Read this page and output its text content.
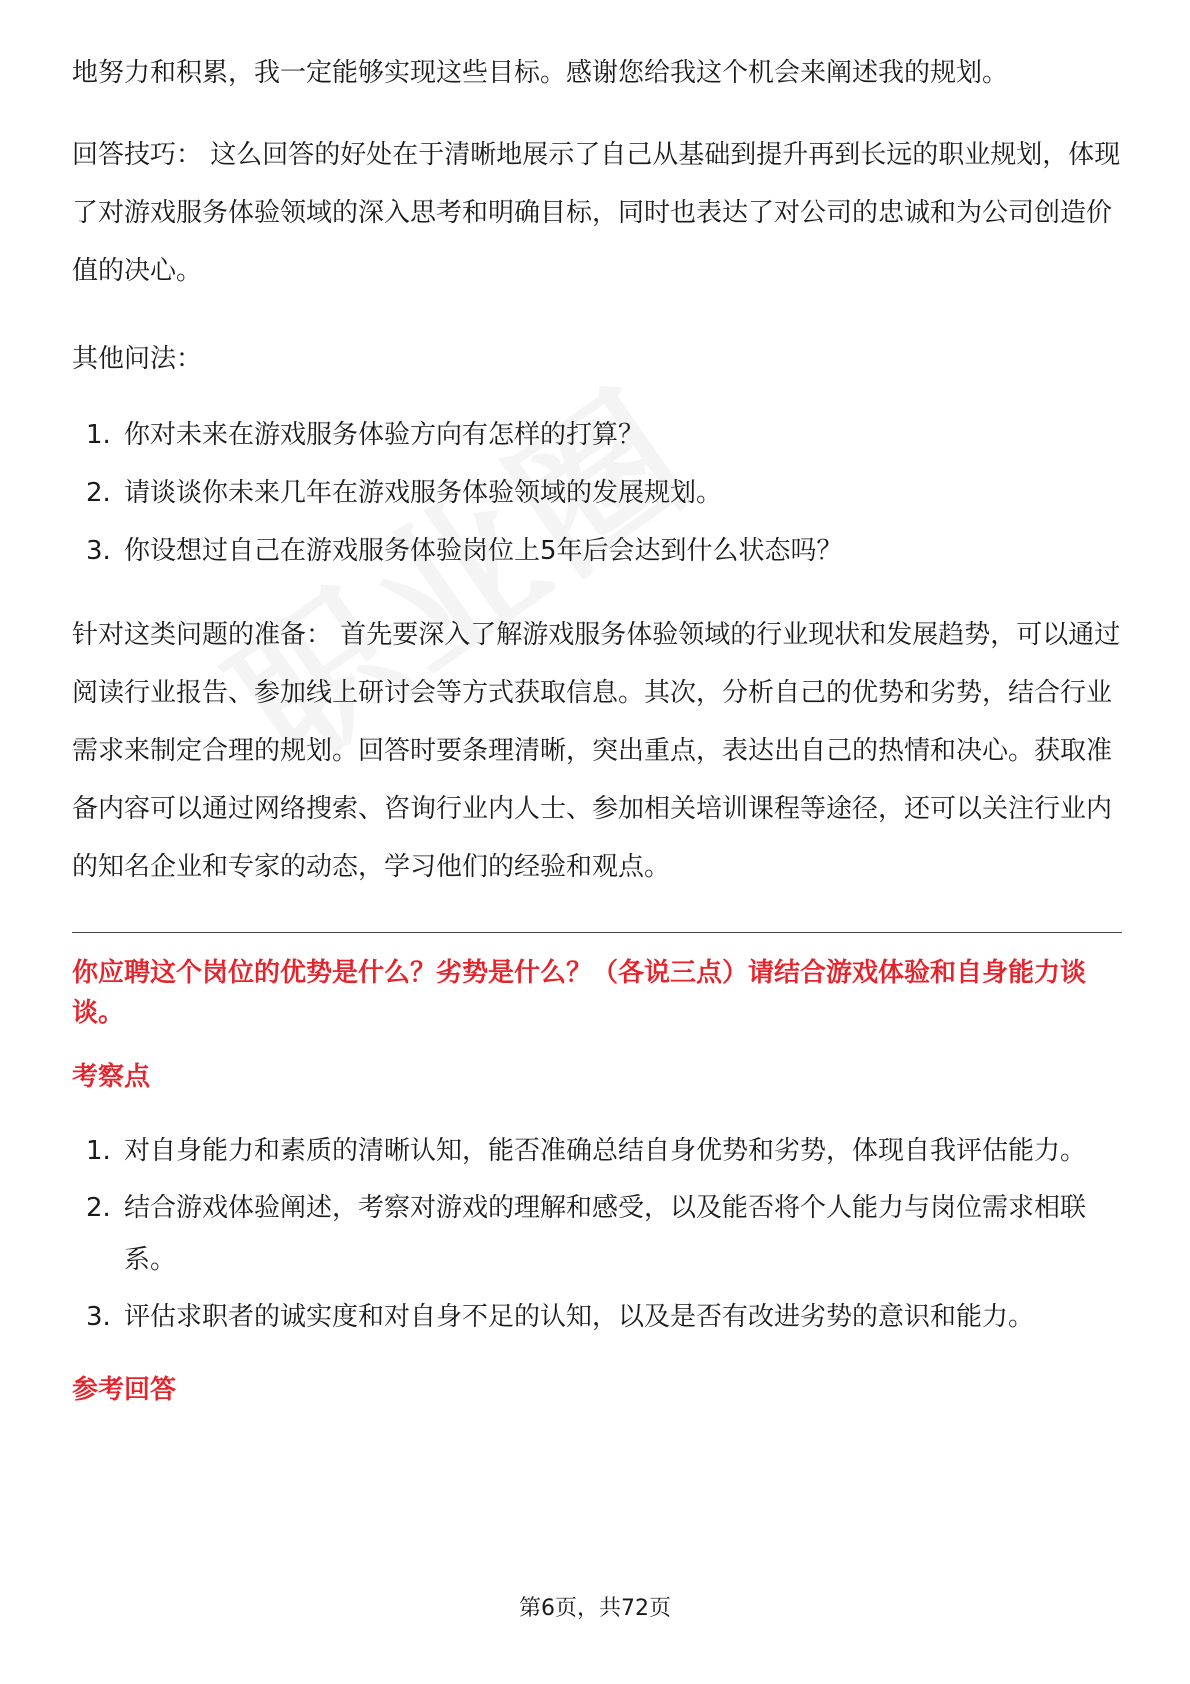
地努力和积累，我一定能够实现这些目标。感谢您给我这个机会来阐述我的规划。

回答技巧： 这么回答的好处在于清晰地展示了自己从基础到提升再到长远的职业规划，体现了对游戏服务体验领域的深入思考和明确目标，同时也表达了对公司的忠诚和为公司创造价值的决心。

其他问法：

1. 你对未来在游戏服务体验方向有怎样的打算？
2. 请谈谈你未来几年在游戏服务体验领域的发展规划。
3. 你设想过自己在游戏服务体验岗位上5年后会达到什么状态吗？

针对这类问题的准备： 首先要深入了解游戏服务体验领域的行业现状和发展趋势，可以通过阅读行业报告、参加线上研讨会等方式获取信息。其次，分析自己的优势和劣势，结合行业需求来制定合理的规划。回答时要条理清晰，突出重点，表达出自己的热情和决心。获取准备内容可以通过网络搜索、咨询行业内人士、参加相关培训课程等途径，还可以关注行业内的知名企业和专家的动态，学习他们的经验和观点。

你应聘这个岗位的优势是什么？劣势是什么？（各说三点）请结合游戏体验和自身能力谈谈。
考察点
1. 对自身能力和素质的清晰认知，能否准确总结自身优势和劣势，体现自我评估能力。
2. 结合游戏体验阐述，考察对游戏的理解和感受，以及能否将个人能力与岗位需求相联系。
3. 评估求职者的诚实度和对自身不足的认知，以及是否有改进劣势的意识和能力。
参考回答
第6页，共72页
